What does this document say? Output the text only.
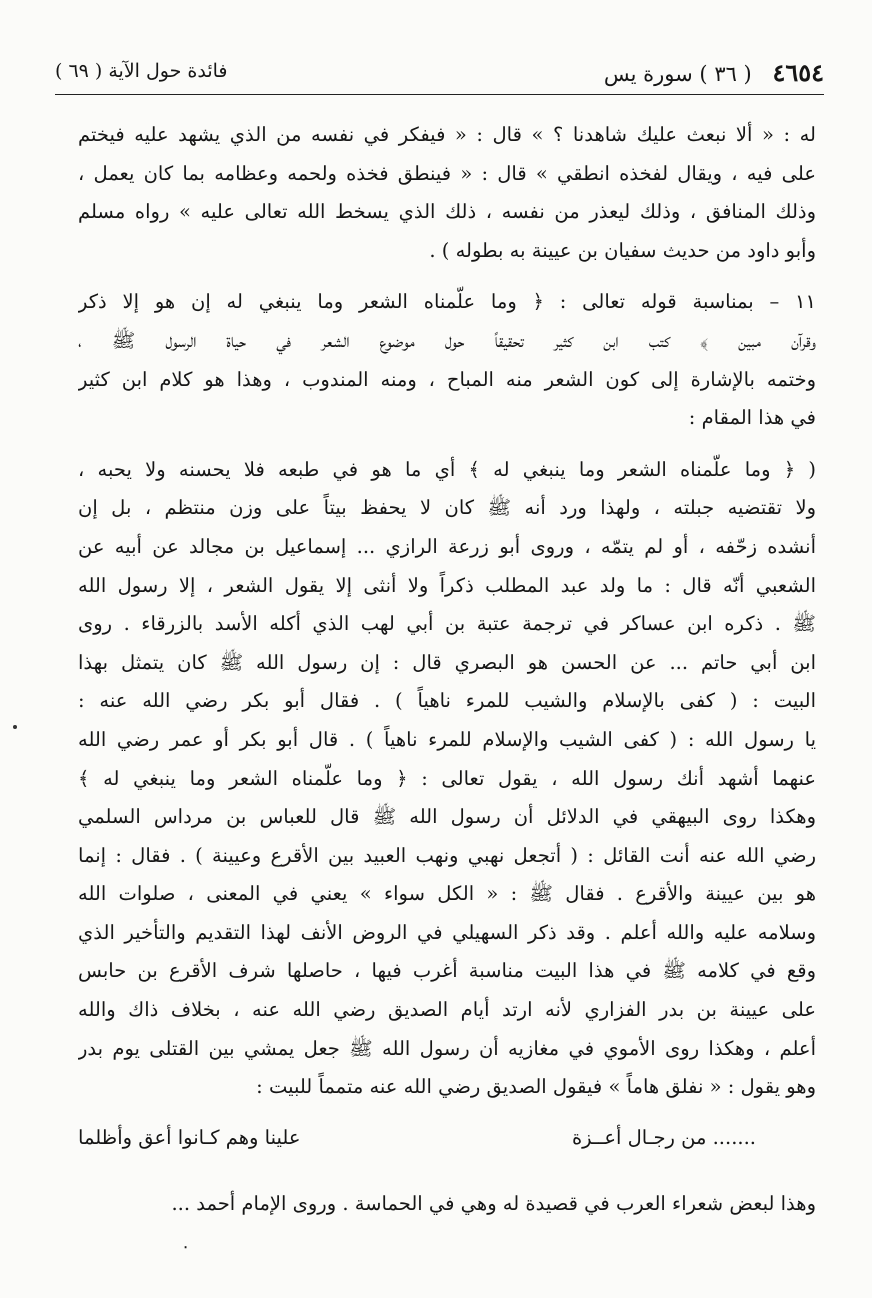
٤٦٥٤ ( ٣٦ ) سورة يس
فائدة حول الآية ( ٦٩ )

له : « ألا نبعث عليك شاهدنا ؟ » قال : « فيفكر في نفسه من الذي يشهد عليه فيختم
على فيه ، ويقال لفخذه انطقي » قال : « فينطق فخذه ولحمه وعظامه بما كان يعمل ،
وذلك المنافق ، وذلك ليعذر من نفسه ، ذلك الذي يسخط الله تعالى عليه » رواه مسلم
وأبو داود من حديث سفيان بن عيينة به بطوله ) .

١١ – بمناسبة قوله تعالى : ﴿ وما علّمناه الشعر وما ينبغي له إن هو إلا ذكر
وقرآن مبين ﴾ كتب ابن كثير تحقيقاً حول موضوع الشعر في حياة الرسول ﷺ ،
وختمه بالإشارة إلى كون الشعر منه المباح ، ومنه المندوب ، وهذا هو كلام ابن كثير
في هذا المقام :

( ﴿ وما علّمناه الشعر وما ينبغي له ﴾ أي ما هو في طبعه فلا يحسنه ولا يحبه ،
ولا تقتضيه جبلته ، ولهذا ورد أنه ﷺ كان لا يحفظ بيتاً على وزن منتظم ، بل إن
أنشده زحّفه ، أو لم يتمّه ، وروى أبو زرعة الرازي ... إسماعيل بن مجالد عن أبيه عن
الشعبي أنّه قال : ما ولد عبد المطلب ذكراً ولا أنثى إلا يقول الشعر ، إلا رسول الله
ﷺ . ذكره ابن عساكر في ترجمة عتبة بن أبي لهب الذي أكله الأسد بالزرقاء . روى
ابن أبي حاتم ... عن الحسن هو البصري قال : إن رسول الله ﷺ كان يتمثل بهذا
البيت : ( كفى بالإسلام والشيب للمرء ناهياً ) . فقال أبو بكر رضي الله عنه :
يا رسول الله : ( كفى الشيب والإسلام للمرء ناهياً ) . قال أبو بكر أو عمر رضي الله
عنهما أشهد أنك رسول الله ، يقول تعالى : ﴿ وما علّمناه الشعر وما ينبغي له ﴾
وهكذا روى البيهقي في الدلائل أن رسول الله ﷺ قال للعباس بن مرداس السلمي
رضي الله عنه أنت القائل : ( أتجعل نهبي ونهب العبيد بين الأقرع وعيينة ) . فقال : إنما
هو بين عيينة والأقرع . فقال ﷺ : « الكل سواء » يعني في المعنى ، صلوات الله
وسلامه عليه والله أعلم . وقد ذكر السهيلي في الروض الأنف لهذا التقديم والتأخير الذي
وقع في كلامه ﷺ في هذا البيت مناسبة أغرب فيها ، حاصلها شرف الأقرع بن حابس
على عيينة بن بدر الفزاري لأنه ارتد أيام الصديق رضي الله عنه ، بخلاف ذاك والله
أعلم ، وهكذا روى الأموي في مغازيه أن رسول الله ﷺ جعل يمشي بين القتلى يوم بدر
وهو يقول : « نفلق هاماً » فيقول الصديق رضي الله عنه متمماً للبيت :
....... من رجـال أعــزة
علينا وهم كـانوا أعق وأظلما

وهذا لبعض شعراء العرب في قصيدة له وهي في الحماسة . وروى الإمام أحمد ...

٠
